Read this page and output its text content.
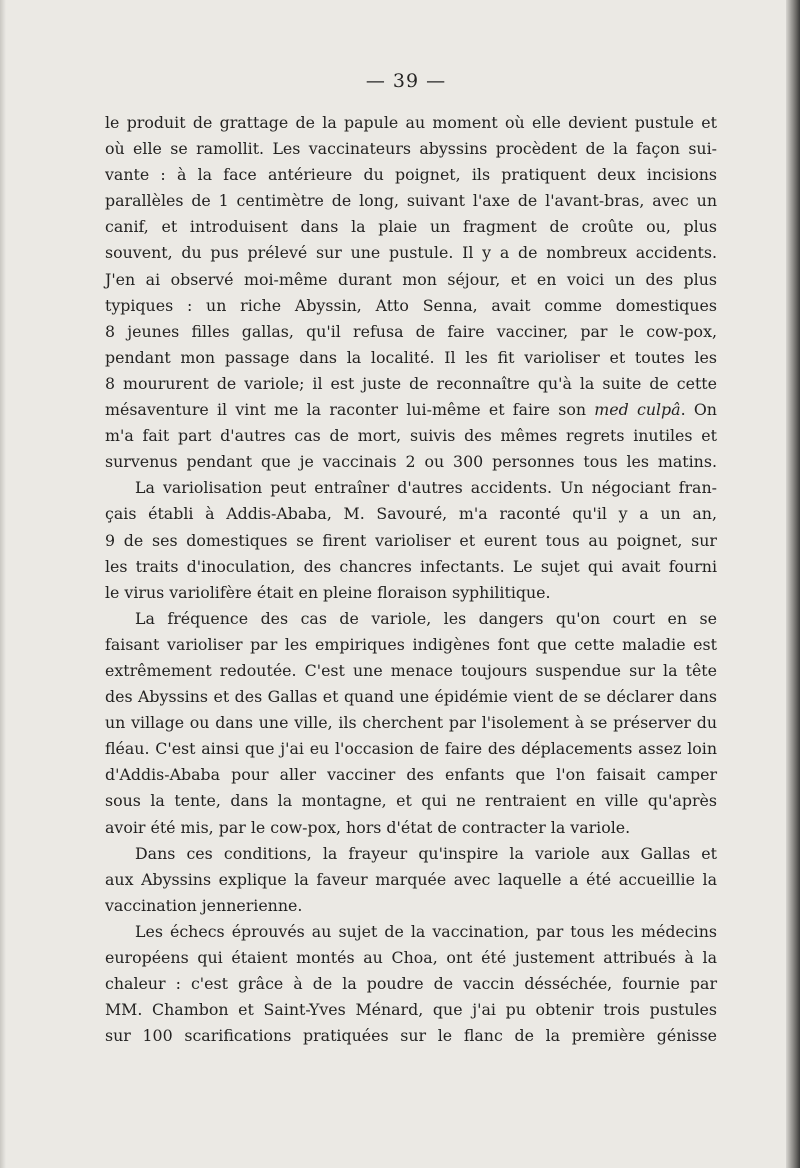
— 39 —
le produit de grattage de la papule au moment où elle devient pustule et
où elle se ramollit. Les vaccinateurs abyssins procèdent de la façon sui-
vante : à la face antérieure du poignet, ils pratiquent deux incisions
parallèles de 1 centimètre de long, suivant l'axe de l'avant-bras, avec un
canif, et introduisent dans la plaie un fragment de croûte ou, plus
souvent, du pus prélevé sur une pustule. Il y a de nombreux accidents.
J'en ai observé moi-même durant mon séjour, et en voici un des plus
typiques : un riche Abyssin, Atto Senna, avait comme domestiques
8 jeunes filles gallas, qu'il refusa de faire vacciner, par le cow-pox,
pendant mon passage dans la localité. Il les fit varioliser et toutes les
8 moururent de variole; il est juste de reconnaître qu'à la suite de cette
mésaventure il vint me la raconter lui-même et faire son med culpâ. On
m'a fait part d'autres cas de mort, suivis des mêmes regrets inutiles et
survenus pendant que je vaccinais 2 ou 300 personnes tous les matins.
La variolisation peut entraîner d'autres accidents. Un négociant fran-
çais établi à Addis-Ababa, M. Savouré, m'a raconté qu'il y a un an,
9 de ses domestiques se firent varioliser et eurent tous au poignet, sur
les traits d'inoculation, des chancres infectants. Le sujet qui avait fourni
le virus variolifère était en pleine floraison syphilitique.
La fréquence des cas de variole, les dangers qu'on court en se
faisant varioliser par les empiriques indigènes font que cette maladie est
extrêmement redoutée. C'est une menace toujours suspendue sur la tête
des Abyssins et des Gallas et quand une épidémie vient de se déclarer dans
un village ou dans une ville, ils cherchent par l'isolement à se préserver du
fléau. C'est ainsi que j'ai eu l'occasion de faire des déplacements assez loin
d'Addis-Ababa pour aller vacciner des enfants que l'on faisait camper
sous la tente, dans la montagne, et qui ne rentraient en ville qu'après
avoir été mis, par le cow-pox, hors d'état de contracter la variole.
Dans ces conditions, la frayeur qu'inspire la variole aux Gallas et
aux Abyssins explique la faveur marquée avec laquelle a été accueillie la
vaccination jennerienne.
Les échecs éprouvés au sujet de la vaccination, par tous les médecins
européens qui étaient montés au Choa, ont été justement attribués à la
chaleur : c'est grâce à de la poudre de vaccin désséchée, fournie par
MM. Chambon et Saint-Yves Ménard, que j'ai pu obtenir trois pustules
sur 100 scarifications pratiquées sur le flanc de la première génisse
